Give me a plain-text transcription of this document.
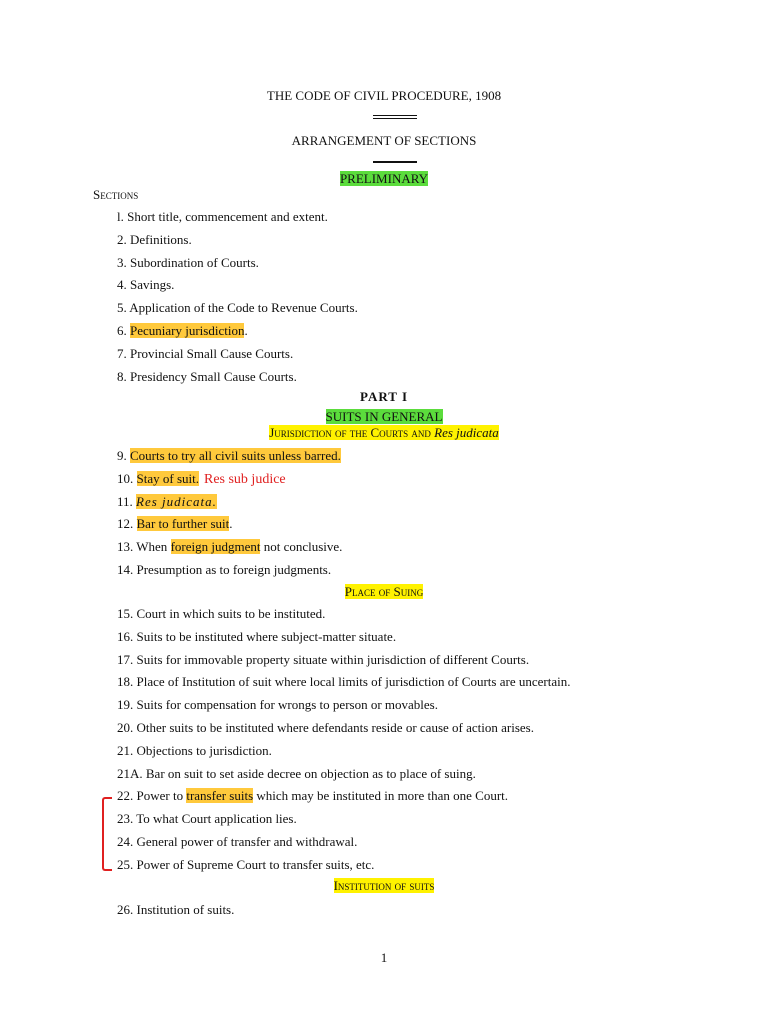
THE CODE OF CIVIL PROCEDURE, 1908
ARRANGEMENT OF SECTIONS
PRELIMINARY
Sections
l. Short title, commencement and extent.
2. Definitions.
3. Subordination of Courts.
4. Savings.
5. Application of the Code to Revenue Courts.
6. Pecuniary jurisdiction.
7. Provincial Small Cause Courts.
8. Presidency Small Cause Courts.
PART I
SUITS IN GENERAL
Jurisdiction of the Courts and Res judicata
9. Courts to try all civil suits unless barred.
10. Stay of suit. Res sub judice
11. Res judicata.
12. Bar to further suit.
13. When foreign judgment not conclusive.
14. Presumption as to foreign judgments.
Place of Suing
15. Court in which suits to be instituted.
16. Suits to be instituted where subject-matter situate.
17. Suits for immovable property situate within jurisdiction of different Courts.
18. Place of Institution of suit where local limits of jurisdiction of Courts are uncertain.
19. Suits for compensation for wrongs to person or movables.
20. Other suits to be instituted where defendants reside or cause of action arises.
21. Objections to jurisdiction.
21A. Bar on suit to set aside decree on objection as to place of suing.
22. Power to transfer suits which may be instituted in more than one Court.
23. To what Court application lies.
24. General power of transfer and withdrawal.
25. Power of Supreme Court to transfer suits, etc.
Institution of suits
26. Institution of suits.
1
